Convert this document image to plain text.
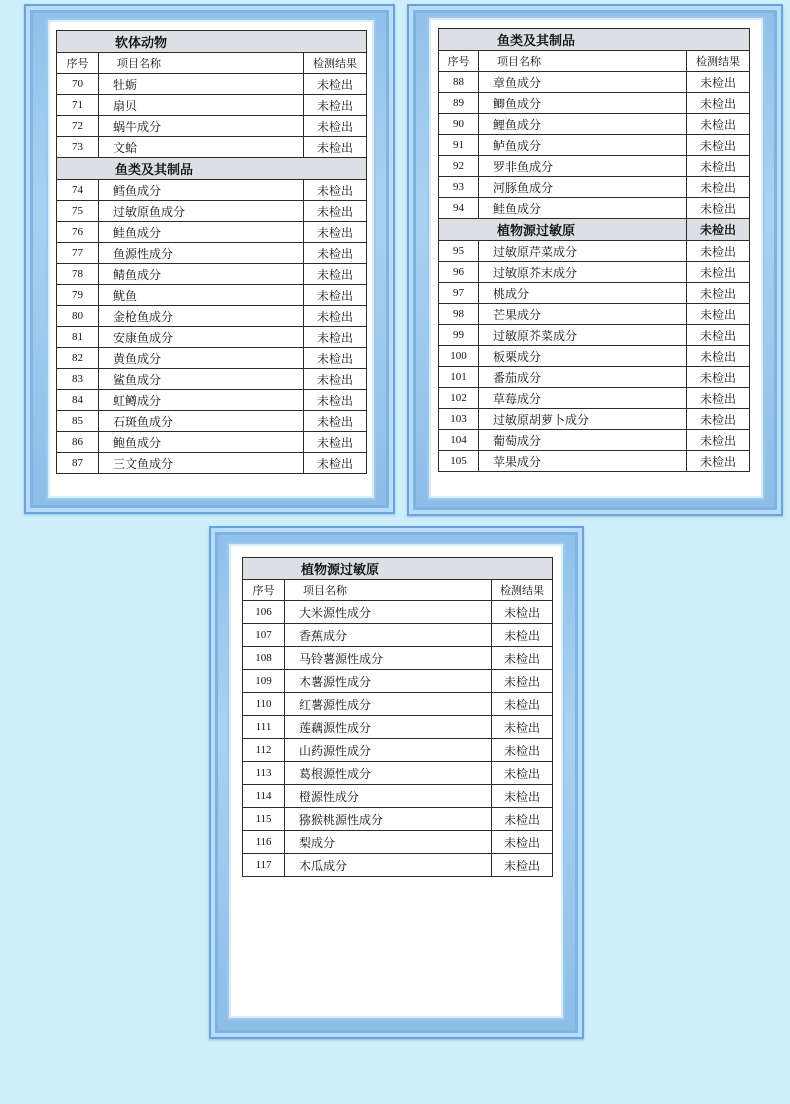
软体动物		
序号	项目名称	检测结果
70	牡蛎	未检出
71	扇贝	未检出
72	蜗牛成分	未检出
73	文蛤	未检出
鱼类及其制品		
74	鳕鱼成分	未检出
75	过敏原鱼成分	未检出
76	鲑鱼成分	未检出
77	鱼源性成分	未检出
78	鲭鱼成分	未检出
79	鱿鱼	未检出
80	金枪鱼成分	未检出
81	安康鱼成分	未检出
82	黄鱼成分	未检出
83	鲨鱼成分	未检出
84	虹鳟成分	未检出
85	石斑鱼成分	未检出
86	鲍鱼成分	未检出
87	三文鱼成分	未检出
鱼类及其制品		
序号	项目名称	检测结果
88	章鱼成分	未检出
89	鲫鱼成分	未检出
90	鲤鱼成分	未检出
91	鲈鱼成分	未检出
92	罗非鱼成分	未检出
93	河豚鱼成分	未检出
94	鲑鱼成分	未检出
植物源过敏原		未检出
95	过敏原芹菜成分	未检出
96	过敏原芥末成分	未检出
97	桃成分	未检出
98	芒果成分	未检出
99	过敏原芥菜成分	未检出
100	板栗成分	未检出
101	番茄成分	未检出
102	草莓成分	未检出
103	过敏原胡萝卜成分	未检出
104	葡萄成分	未检出
105	苹果成分	未检出
植物源过敏原		
序号	项目名称	检测结果
106	大米源性成分	未检出
107	香蕉成分	未检出
108	马铃薯源性成分	未检出
109	木薯源性成分	未检出
110	红薯源性成分	未检出
111	莲藕源性成分	未检出
112	山药源性成分	未检出
113	葛根源性成分	未检出
114	橙源性成分	未检出
115	猕猴桃源性成分	未检出
116	梨成分	未检出
117	木瓜成分	未检出
